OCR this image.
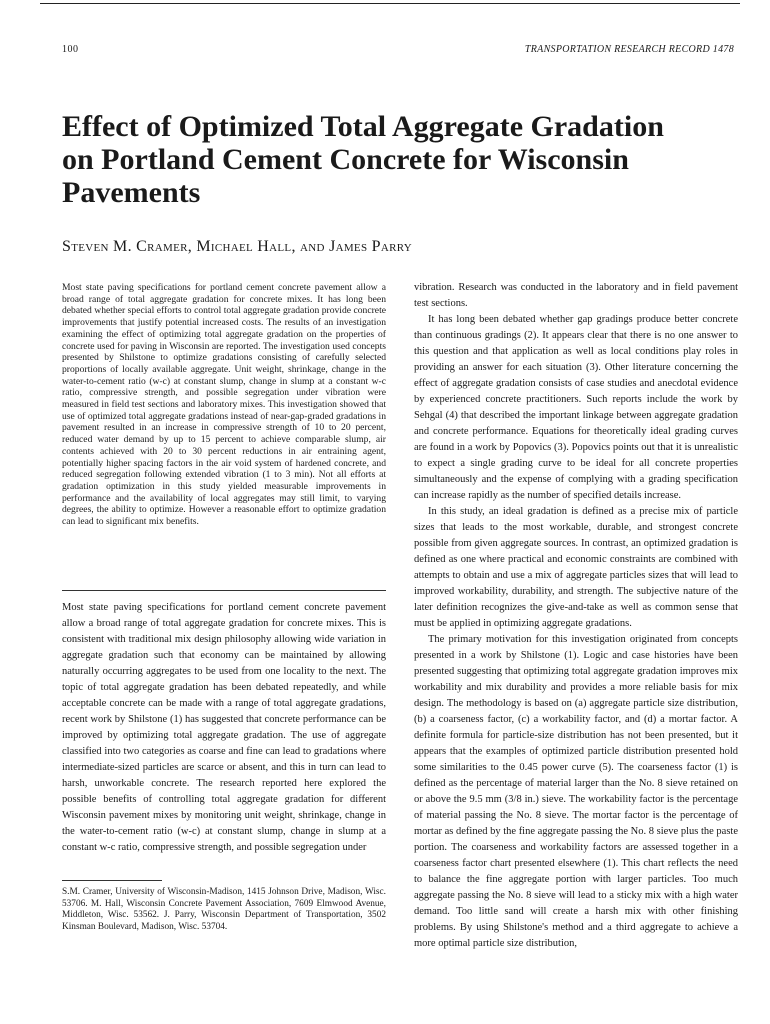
100	TRANSPORTATION RESEARCH RECORD 1478
Effect of Optimized Total Aggregate Gradation on Portland Cement Concrete for Wisconsin Pavements
Steven M. Cramer, Michael Hall, and James Parry

Most state paving specifications for portland cement concrete pavement allow a broad range of total aggregate gradation for concrete mixes. It has long been debated whether special efforts to control total aggregate gradation provide concrete improvements that justify potential increased costs. The results of an investigation examining the effect of optimizing total aggregate gradation on the properties of concrete used for paving in Wisconsin are reported. The investigation used concepts presented by Shilstone to optimize gradations consisting of carefully selected proportions of locally available aggregate. Unit weight, shrinkage, change in the water-to-cement ratio (w-c) at constant slump, change in slump at a constant w-c ratio, compressive strength, and possible segregation under vibration were measured in field test sections and laboratory mixes. This investigation showed that use of optimized total aggregate gradations instead of near-gap-graded gradations in pavement resulted in an increase in compressive strength of 10 to 20 percent, reduced water demand by up to 15 percent to achieve comparable slump, air contents achieved with 20 to 30 percent reductions in air entraining agent, potentially higher spacing factors in the air void system of hardened concrete, and reduced segregation following extended vibration (1 to 3 min). Not all efforts at gradation optimization in this study yielded measurable improvements in performance and the availability of local aggregates may still limit, to varying degrees, the ability to optimize. However a reasonable effort to optimize gradation can lead to significant mix benefits.

Most state paving specifications for portland cement concrete pavement allow a broad range of total aggregate gradation for concrete mixes. This is consistent with traditional mix design philosophy allowing wide variation in aggregate gradation such that economy can be maintained by allowing naturally occurring aggregates to be used from one locality to the next. The topic of total aggregate gradation has been debated repeatedly, and while acceptable concrete can be made with a range of total aggregate gradations, recent work by Shilstone (1) has suggested that concrete performance can be improved by optimizing total aggregate gradation. The use of aggregate classified into two categories as coarse and fine can lead to gradations where intermediate-sized particles are scarce or absent, and this in turn can lead to harsh, unworkable concrete. The research reported here explored the possible benefits of controlling total aggregate gradation for different Wisconsin pavement mixes by monitoring unit weight, shrinkage, change in the water-to-cement ratio (w-c) at constant slump, change in slump at a constant w-c ratio, compressive strength, and possible segregation under

S.M. Cramer, University of Wisconsin-Madison, 1415 Johnson Drive, Madison, Wisc. 53706. M. Hall, Wisconsin Concrete Pavement Association, 7609 Elmwood Avenue, Middleton, Wisc. 53562. J. Parry, Wisconsin Department of Transportation, 3502 Kinsman Boulevard, Madison, Wisc. 53704.

vibration. Research was conducted in the laboratory and in field pavement test sections.

It has long been debated whether gap gradings produce better concrete than continuous gradings (2). It appears clear that there is no one answer to this question and that application as well as local conditions play roles in providing an answer for each situation (3). Other literature concerning the effect of aggregate gradation consists of case studies and anecdotal evidence by experienced concrete practitioners. Such reports include the work by Sehgal (4) that described the important linkage between aggregate gradation and concrete performance. Equations for theoretically ideal grading curves are found in a work by Popovics (3). Popovics points out that it is unrealistic to expect a single grading curve to be ideal for all concrete properties simultaneously and the expense of complying with a grading specification can increase rapidly as the number of specified details increase.

In this study, an ideal gradation is defined as a precise mix of particle sizes that leads to the most workable, durable, and strongest concrete possible from given aggregate sources. In contrast, an optimized gradation is defined as one where practical and economic constraints are combined with attempts to obtain and use a mix of aggregate particles sizes that will lead to improved workability, durability, and strength. The subjective nature of the later definition recognizes the give-and-take as well as common sense that must be applied in optimizing aggregate gradations.

The primary motivation for this investigation originated from concepts presented in a work by Shilstone (1). Logic and case histories have been presented suggesting that optimizing total aggregate gradation improves mix workability and mix durability and provides a more reliable basis for mix design. The methodology is based on (a) aggregate particle size distribution, (b) a coarseness factor, (c) a workability factor, and (d) a mortar factor. A definite formula for particle-size distribution has not been presented, but it appears that the examples of optimized particle distribution presented hold some similarities to the 0.45 power curve (5). The coarseness factor (1) is defined as the percentage of material larger than the No. 8 sieve retained on or above the 9.5 mm (3/8 in.) sieve. The workability factor is the percentage of material passing the No. 8 sieve. The mortar factor is the percentage of mortar as defined by the fine aggregate passing the No. 8 sieve plus the paste portion. The coarseness and workability factors are assessed together in a coarseness factor chart presented elsewhere (1). This chart reflects the need to balance the fine aggregate portion with larger particles. Too much aggregate passing the No. 8 sieve will lead to a sticky mix with a high water demand. Too little sand will create a harsh mix with other finishing problems. By using Shilstone's method and a third aggregate to achieve a more optimal particle size distribution,
